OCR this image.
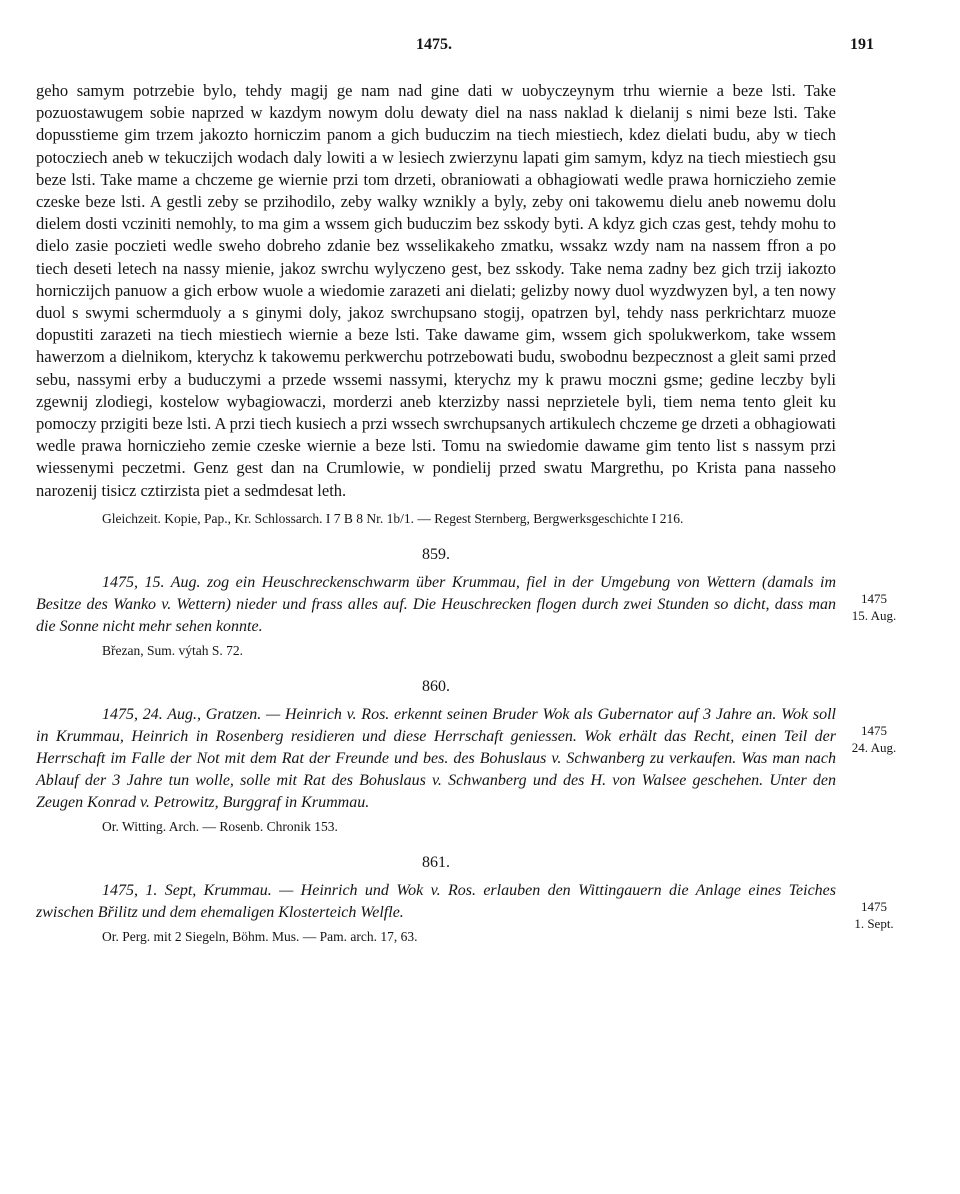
1475.	191

geho samym potrzebie bylo, tehdy magij ge nam nad gine dati w uobyczeynym trhu wiernie a beze lsti. Take pozuostawugem sobie naprzed w kazdym nowym dolu dewaty diel na nass naklad k dielanij s nimi beze lsti. Take dopusstieme gim trzem jakozto horniczim panom a gich buduczim na tiech miestiech, kdez dielati budu, aby w tiech potocziech aneb w tekuczijch wodach daly lowiti a w lesiech zwierzynu lapati gim samym, kdyz na tiech miestiech gsu beze lsti. Take mame a chczeme ge wiernie przi tom drzeti, obraniowati a obhagiowati wedle prawa horniczieho zemie czeske beze lsti. A gestli zeby se przihodilo, zeby walky wznikly a byly, zeby oni takowemu dielu aneb nowemu dolu dielem dosti vcziniti nemohly, to ma gim a wssem gich buduczim bez sskody byti. A kdyz gich czas gest, tehdy mohu to dielo zasie poczieti wedle sweho dobreho zdanie bez wsselikakeho zmatku, wssakz wzdy nam na nassem ffron a po tiech deseti letech na nassy mienie, jakoz swrchu wylyczeno gest, bez sskody. Take nema zadny bez gich trzij iakozto horniczijch panuow a gich erbow wuole a wiedomie zarazeti ani dielati; gelizby nowy duol wyzdwyzen byl, a ten nowy duol s swymi schermduoly a s ginymi doly, jakoz swrchupsano stogij, opatrzen byl, tehdy nass perkrichtarz muoze dopustiti zarazeti na tiech miestiech wiernie a beze lsti. Take dawame gim, wssem gich spolukwerkom, take wssem hawerzom a dielnikom, kterychz k takowemu perkwerchu potrzebowati budu, swobodnu bezpecznost a gleit sami przed sebu, nassymi erby a buduczymi a przede wssemi nassymi, kterychz my k prawu moczni gsme; gedine leczby byli zgewnij zlodiegi, kostelow wybagiowaczi, morderzi aneb kterzizby nassi neprzietele byli, tiem nema tento gleit ku pomoczy przigiti beze lsti. A przi tiech kusiech a przi wssech swrchupsanych artikulech chczeme ge drzeti a obhagiowati wedle prawa horniczieho zemie czeske wiernie a beze lsti. Tomu na swiedomie dawame gim tento list s nassym przi wiessenymi peczetmi. Genz gest dan na Crumlowie, w pondielij przed swatu Margrethu, po Krista pana nasseho narozenij tisicz cztirzista piet a sedmdesat leth.

Gleichzeit. Kopie, Pap., Kr. Schlossarch. I 7 B 8 Nr. 1b/1. — Regest Sternberg, Bergwerksgeschichte I 216.

859.
1475
15. Aug.

1475, 15. Aug. zog ein Heuschreckenschwarm über Krummau, fiel in der Umgebung von Wettern (damals im Besitze des Wanko v. Wettern) nieder und frass alles auf. Die Heuschrecken flogen durch zwei Stunden so dicht, dass man die Sonne nicht mehr sehen konnte.

Březan, Sum. výtah S. 72.

860.
1475
24. Aug.

1475, 24. Aug., Gratzen. — Heinrich v. Ros. erkennt seinen Bruder Wok als Gubernator auf 3 Jahre an. Wok soll in Krummau, Heinrich in Rosenberg residieren und diese Herrschaft geniessen. Wok erhält das Recht, einen Teil der Herrschaft im Falle der Not mit dem Rat der Freunde und bes. des Bohuslaus v. Schwanberg zu verkaufen. Was man nach Ablauf der 3 Jahre tun wolle, solle mit Rat des Bohuslaus v. Schwanberg und des H. von Walsee geschehen. Unter den Zeugen Konrad v. Petrowitz, Burggraf in Krummau.

Or. Witting. Arch. — Rosenb. Chronik 153.

861.
1475
1. Sept.

1475, 1. Sept, Krummau. — Heinrich und Wok v. Ros. erlauben den Wittingauern die Anlage eines Teiches zwischen Břilitz und dem ehemaligen Klosterteich Welfle.

Or. Perg. mit 2 Siegeln, Böhm. Mus. — Pam. arch. 17, 63.
